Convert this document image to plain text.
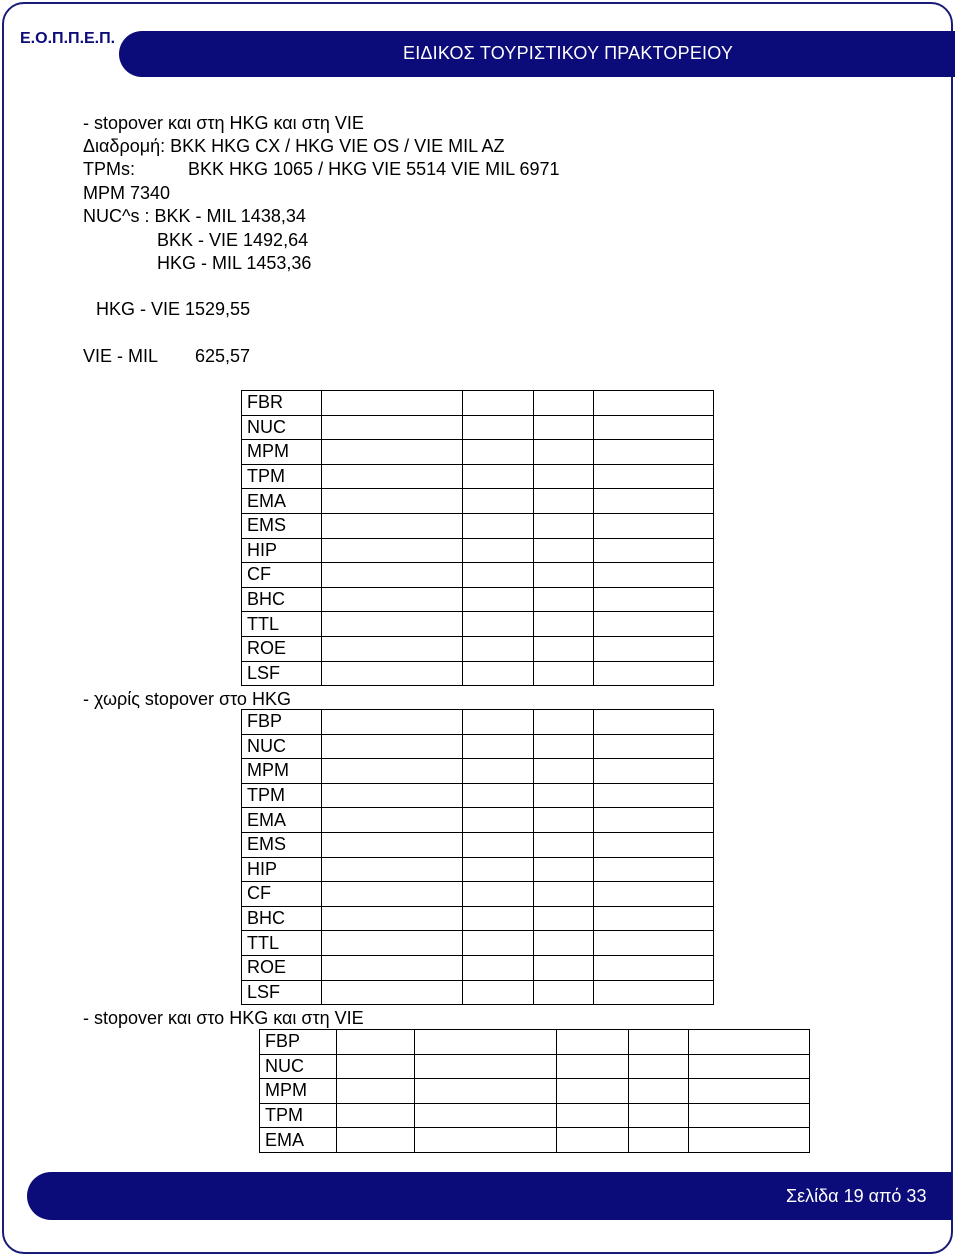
Ε.Ο.Π.Π.Ε.Π.
ΕΙΔΙΚΟΣ ΤΟΥΡΙΣΤΙΚΟΥ ΠΡΑΚΤΟΡΕΙΟΥ
- stopover και στη HKG και στη VIE
Διαδρομή: BKK HKG CX / HKG VIE OS / VIE MIL AZ
TPMs:	BKK HKG 1065 / HKG VIE 5514 VIE MIL 6971
MPM 7340
NUC^s : BKK - MIL 1438,34
BKK - VIE 1492,64
HKG - MIL 1453,36
HKG - VIE 1529,55
VIE - MIL 625,57
FBR				
NUC				
MPM				
TPM				
EMA				
EMS				
HIP				
CF				
BHC				
TTL				
ROE				
LSF				
- χωρίς stopover στο HKG
FBP				
NUC				
MPM				
TPM				
EMA				
EMS				
HIP				
CF				
BHC				
TTL				
ROE				
LSF				
- stopover και στο HKG και στη VIE
FBP					
NUC					
MPM					
TPM					
EMA					
Σελίδα 19 από 33
